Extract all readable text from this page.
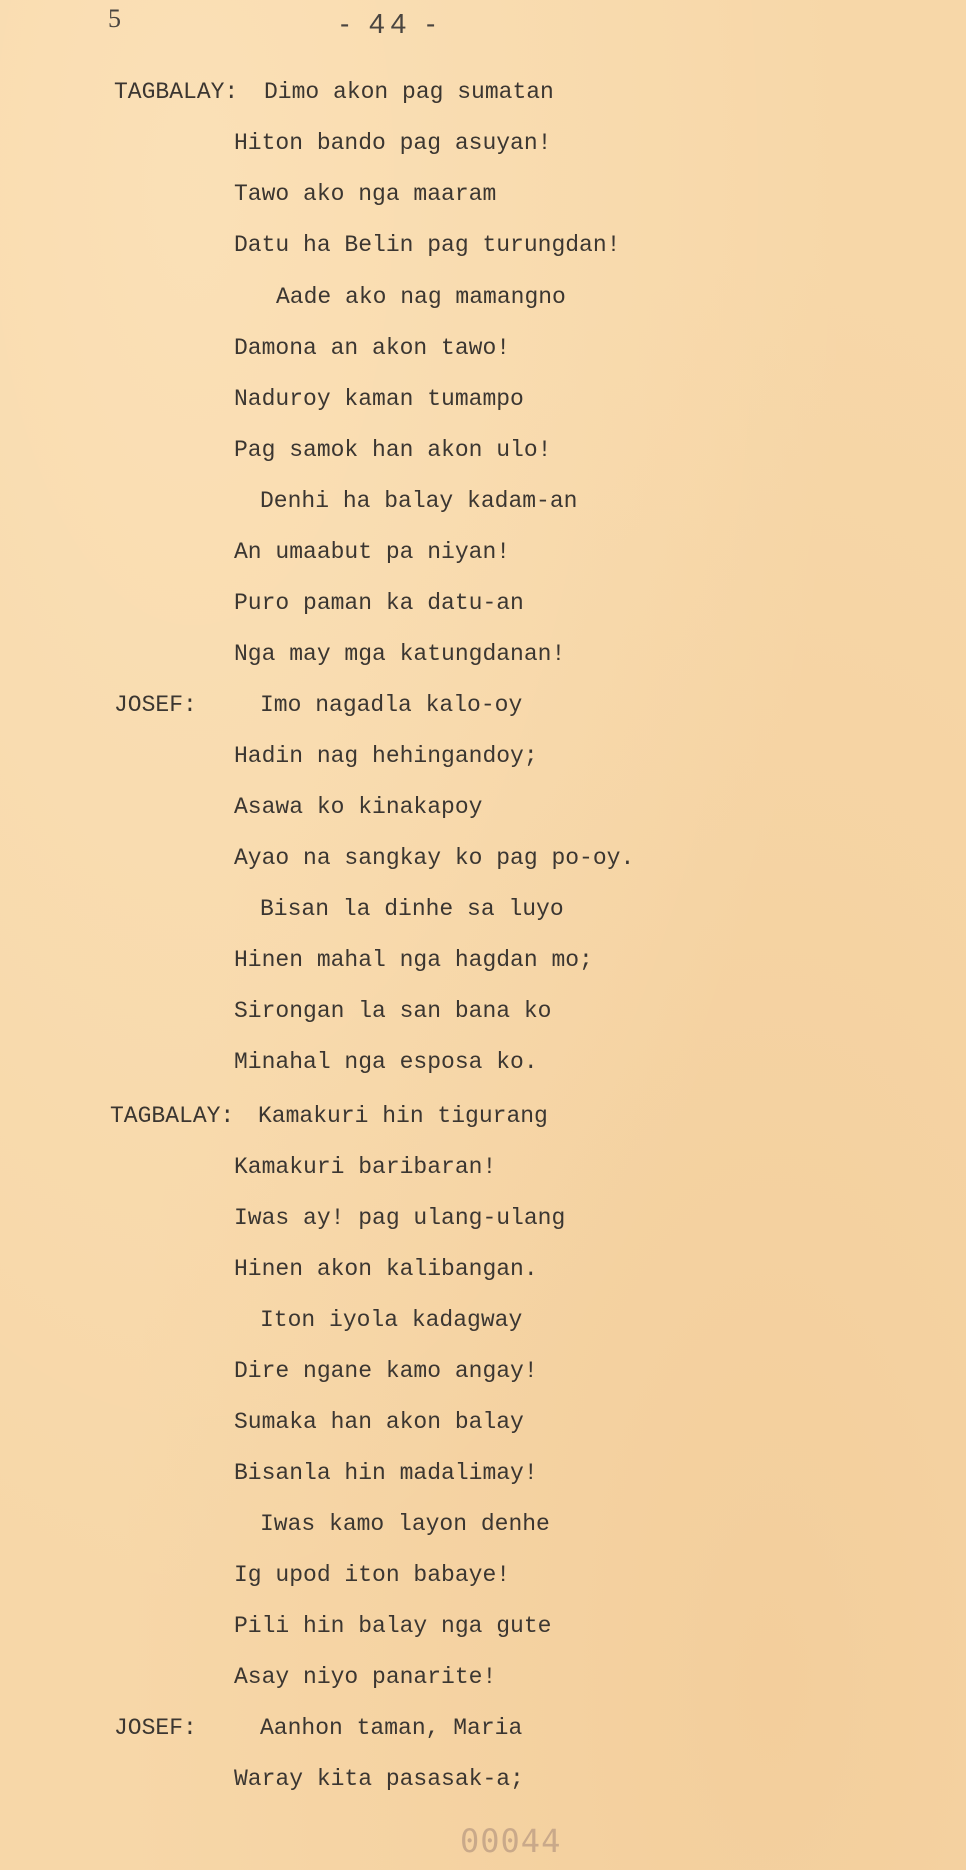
5	- 44 -
TAGBALAY: Dimo akon pag sumatan
Hiton bando pag asuyan!
Tawo ako nga maaram
Datu ha Belin pag turungdan!
Aade ako nag mamangno
Damona an akon tawo!
Naduroy kaman tumampo
Pag samok han akon ulo!
Denhi ha balay kadam-an
An umaabut pa niyan!
Puro paman ka datu-an
Nga may mga katungdanan!
JOSEF:	Imo nagadla kalo-oy
Hadin nag hehingandoy;
Asawa ko kinakapoy
Ayao na sangkay ko pag po-oy.
Bisan la dinhe sa luyo
Hinen mahal nga hagdan mo;
Sirongan la san bana ko
Minahal nga esposa ko.
TAGBALAY: Kamakuri hin tigurang
Kamakuri baribaran!
Iwas ay! pag ulang-ulang
Hinen akon kalibangan.
Iton iyola kadagway
Dire ngane kamo angay!
Sumaka han akon balay
Bisanla hin madalimay!
Iwas kamo layon denhe
Ig upod iton babaye!
Pili hin balay nga gute
Asay niyo panarite!
JOSEF:	Aanhon taman, Maria
Waray kita pasasak-a;
00044
